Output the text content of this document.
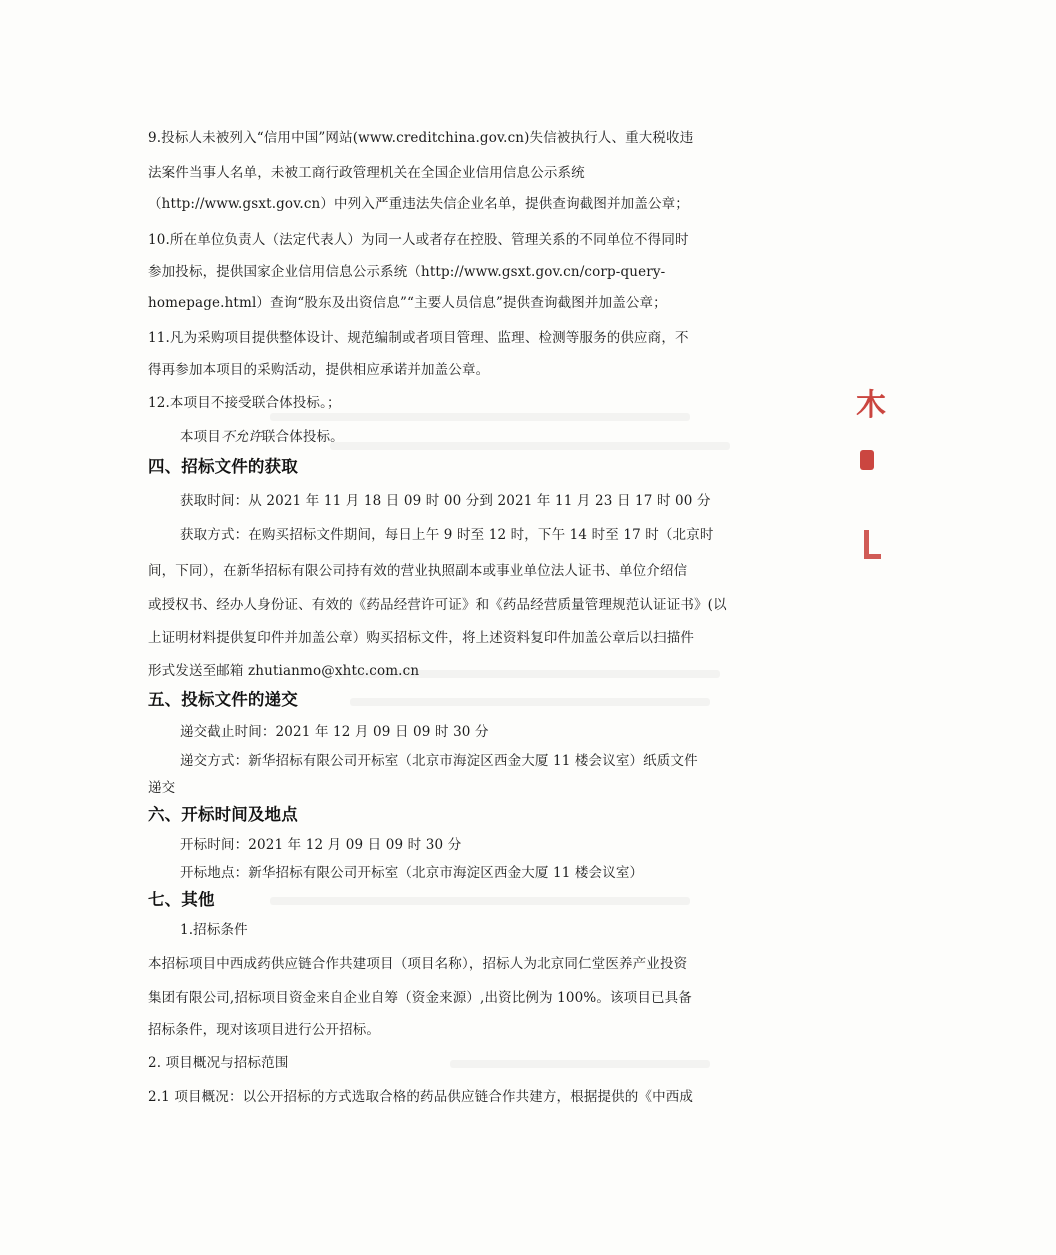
木
9.投标人未被列入“信用中国”网站(www.creditchina.gov.cn)失信被执行人、重大税收违
法案件当事人名单，未被工商行政管理机关在全国企业信用信息公示系统
（http://www.gsxt.gov.cn）中列入严重违法失信企业名单，提供查询截图并加盖公章；
10.所在单位负责人（法定代表人）为同一人或者存在控股、管理关系的不同单位不得同时
参加投标，提供国家企业信用信息公示系统（http://www.gsxt.gov.cn/corp-query-
homepage.html）查询“股东及出资信息”“主要人员信息”提供查询截图并加盖公章；
11.凡为采购项目提供整体设计、规范编制或者项目管理、监理、检测等服务的供应商，不
得再参加本项目的采购活动，提供相应承诺并加盖公章。
12.本项目不接受联合体投标。；
本项目不允许联合体投标。
四、招标文件的获取
获取时间：从 2021 年 11 月 18 日 09 时 00 分到 2021 年 11 月 23 日 17 时 00 分
获取方式：在购买招标文件期间，每日上午 9 时至 12 时，下午 14 时至 17 时（北京时
间，下同），在新华招标有限公司持有效的营业执照副本或事业单位法人证书、单位介绍信
或授权书、经办人身份证、有效的《药品经营许可证》和《药品经营质量管理规范认证证书》(以
上证明材料提供复印件并加盖公章）购买招标文件，将上述资料复印件加盖公章后以扫描件
形式发送至邮箱 zhutianmo@xhtc.com.cn
五、投标文件的递交
递交截止时间：2021 年 12 月 09 日 09 时 30 分
递交方式：新华招标有限公司开标室（北京市海淀区西金大厦 11 楼会议室）纸质文件
递交
六、开标时间及地点
开标时间：2021 年 12 月 09 日 09 时 30 分
开标地点：新华招标有限公司开标室（北京市海淀区西金大厦 11 楼会议室）
七、其他
1.招标条件
本招标项目中西成药供应链合作共建项目（项目名称），招标人为北京同仁堂医养产业投资
集团有限公司,招标项目资金来自企业自筹（资金来源）,出资比例为 100%。该项目已具备
招标条件，现对该项目进行公开招标。
2. 项目概况与招标范围
2.1 项目概况：以公开招标的方式选取合格的药品供应链合作共建方，根据提供的《中西成
